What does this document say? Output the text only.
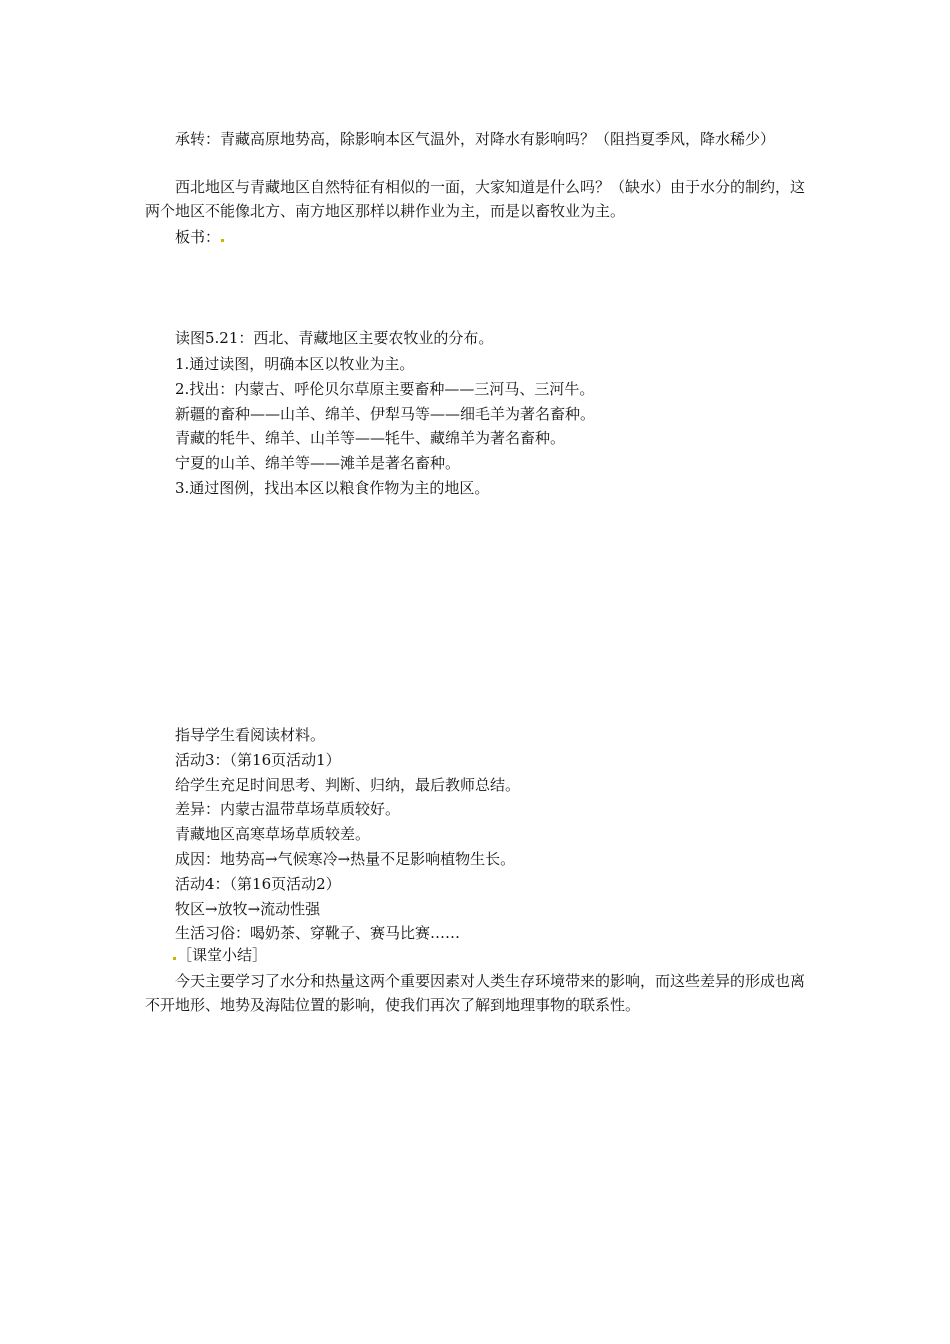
承转：青藏高原地势高，除影响本区气温外，对降水有影响吗？（阻挡夏季风，降水稀少）

西北地区与青藏地区自然特征有相似的一面，大家知道是什么吗？（缺水）由于水分的制约，这两个地区不能像北方、南方地区那样以耕作业为主，而是以畜牧业为主。

板书：

读图5.21：西北、青藏地区主要农牧业的分布。

1.通过读图，明确本区以牧业为主。

2.找出：内蒙古、呼伦贝尔草原主要畜种——三河马、三河牛。

新疆的畜种——山羊、绵羊、伊犁马等——细毛羊为著名畜种。

青藏的牦牛、绵羊、山羊等——牦牛、藏绵羊为著名畜种。

宁夏的山羊、绵羊等——滩羊是著名畜种。

3.通过图例，找出本区以粮食作物为主的地区。

指导学生看阅读材料。

活动3：（第16页活动1）

给学生充足时间思考、判断、归纳，最后教师总结。

差异：内蒙古温带草场草质较好。

青藏地区高寒草场草质较差。

成因：地势高→气候寒冷→热量不足影响植物生长。

活动4：（第16页活动2）

牧区→放牧→流动性强

生活习俗：喝奶茶、穿靴子、赛马比赛……

［课堂小结］

今天主要学习了水分和热量这两个重要因素对人类生存环境带来的影响，而这些差异的形成也离不开地形、地势及海陆位置的影响，使我们再次了解到地理事物的联系性。
